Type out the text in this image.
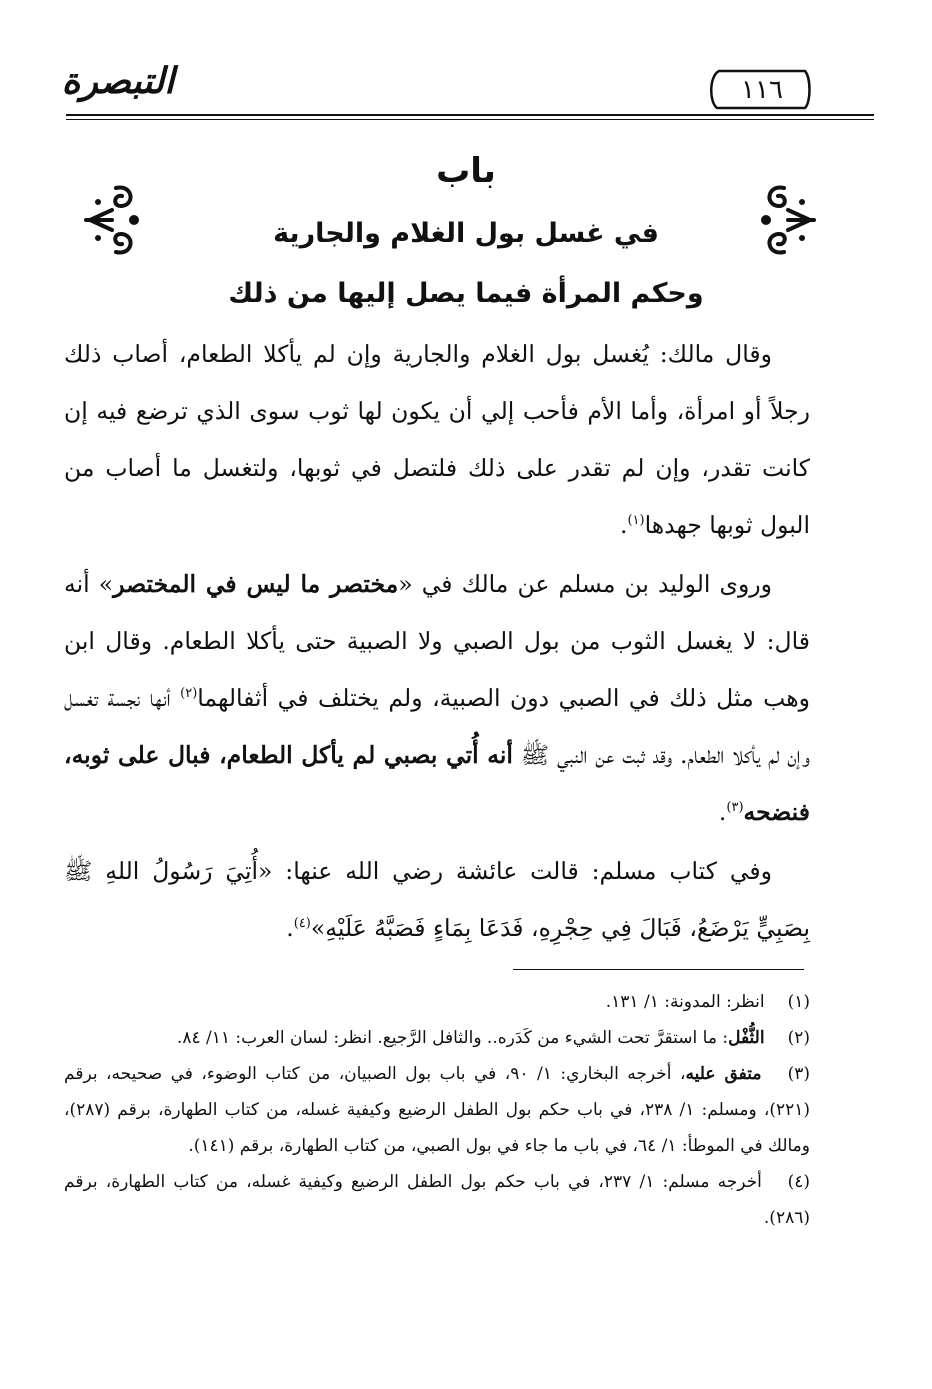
١١٦
التبصرة
باب
في غسل بول الغلام والجارية
وحكم المرأة فيما يصل إليها من ذلك

وقال مالك: يُغسل بول الغلام والجارية وإن لم يأكلا الطعام، أصاب ذلك رجلاً أو امرأة، وأما الأم فأحب إلي أن يكون لها ثوب سوى الذي ترضع فيه إن كانت تقدر، وإن لم تقدر على ذلك فلتصل في ثوبها، ولتغسل ما أصاب من البول ثوبها جهدها$^{(١)}$.

وروى الوليد بن مسلم عن مالك في «مختصر ما ليس في المختصر» أنه قال: لا يغسل الثوب من بول الصبي ولا الصبية حتى يأكلا الطعام. وقال ابن وهب مثل ذلك في الصبي دون الصبية، ولم يختلف في أثفالهما$^{(٢)}$ أنها نجسة تغسل وإن لم يأكلا الطعام. وقد ثبت عن النبي ﷺ أنه أُتي بصبي لم يأكل الطعام، فبال على ثوبه، فنضحه$^{(٣)}$.

وفي كتاب مسلم: قالت عائشة رضي الله عنها: «أُتِيَ رَسُولُ اللهِ ﷺ بِصَبِيٍّ يَرْضَعُ، فَبَالَ فِي حِجْرِهِ، فَدَعَا بِمَاءٍ فَصَبَّهُ عَلَيْهِ»$^{(٤)}$.

(١) انظر: المدونة: ١/ ١٣١.

(٢) الثُّفْل: ما استقرَّ تحت الشيء من كَدَره.. والثافل الرَّجيع. انظر: لسان العرب: ١١/ ٨٤.

(٣) متفق عليه، أخرجه البخاري: ١/ ٩٠، في باب بول الصبيان، من كتاب الوضوء، في صحيحه، برقم (٢٢١)، ومسلم: ١/ ٢٣٨، في باب حكم بول الطفل الرضيع وكيفية غسله، من كتاب الطهارة، برقم (٢٨٧)، ومالك في الموطأ: ١/ ٦٤، في باب ما جاء في بول الصبي، من كتاب الطهارة، برقم (١٤١).

(٤) أخرجه مسلم: ١/ ٢٣٧، في باب حكم بول الطفل الرضيع وكيفية غسله، من كتاب الطهارة، برقم (٢٨٦).
